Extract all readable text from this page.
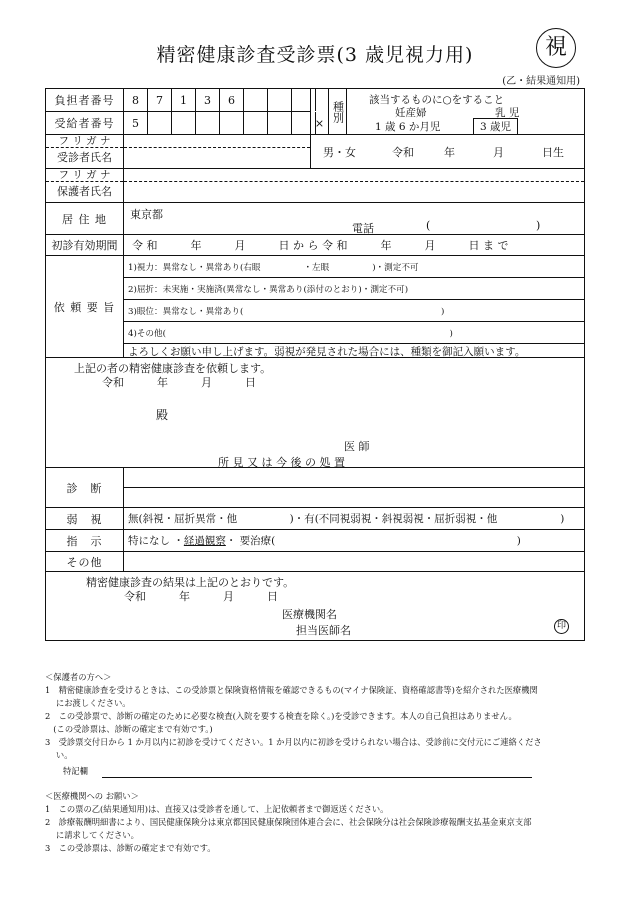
精密健康診査受診票(3 歳児視力用)	視
(乙・結果通知用)
負担者番号	8	7	1	3	6
受給者番号	5	×
種別
該当するものに○をすること
妊産婦	乳 児
1 歳 6 か月児	3 歳児
フ リ ガ ナ
受診者氏名	男・女	令和	年	月	日生
フ リ ガ ナ
保護者氏名
居 住 地	東京都
電話	(	)
初診有効期間	令 和　　　年　　　月　　　日 か ら 令 和　　　年　　　月　　　日 ま で
依 頼 要 旨
1)視力：異常なし・異常あり(右眼　　　　　・左眼　　　　　)・測定不可
2)屈折：未実施・実施済(異常なし・異常あり(添付のとおり)・測定不可)
3)眼位：異常なし・異常あり(　　　　　　　　　　　　　　　　　　　　　　　)
4)その他(　　　　　　　　　　　　　　　　　　　　　　　　　　　　　　　　　)
よろしくお願い申し上げます。弱視が発見された場合には、種類を御記入願います。
上記の者の精密健康診査を依頼します。
令和　　　年　　　月　　　日
殿
医 師
所 見 又 は 今 後 の 処 置
診　断
弱　視	無(斜視・屈折異常・他　　　　　)・有(不同視弱視・斜視弱視・屈折弱視・他　　　　　　)
指　示	特になし ・ 経過観察 ・ 要治療(　　　　　　　　　　　　　　　　　　　　　　　)
その他
精密健康診査の結果は上記のとおりです。
令和　　　年　　　月　　　日
医療機関名
担当医師名	印
＜保護者の方へ＞
1　精密健康診査を受けるときは、この受診票と保険資格情報を確認できるもの(マイナ保険証、資格確認書等)を紹介された医療機関
　 にお渡しください。
2　この受診票で、診断の確定のために必要な検査(入院を要する検査を除く。)を受診できます。本人の自己負担はありません。
　(この受診票は、診断の確定まで有効です。)
3　受診票交付日から 1 か月以内に初診を受けてください。1 か月以内に初診を受けられない場合は、受診前に交付元にご連絡くださ
　 い。
特記欄
＜医療機関への お願い＞
1　この票の乙(結果通知用)は、直接又は受診者を通して、上記依頼者まで御返送ください。
2　診療報酬明細書により、国民健康保険分は東京都国民健康保険団体連合会に、社会保険分は社会保険診療報酬支払基金東京支部
　 に請求してください。
3　この受診票は、診断の確定まで有効です。
